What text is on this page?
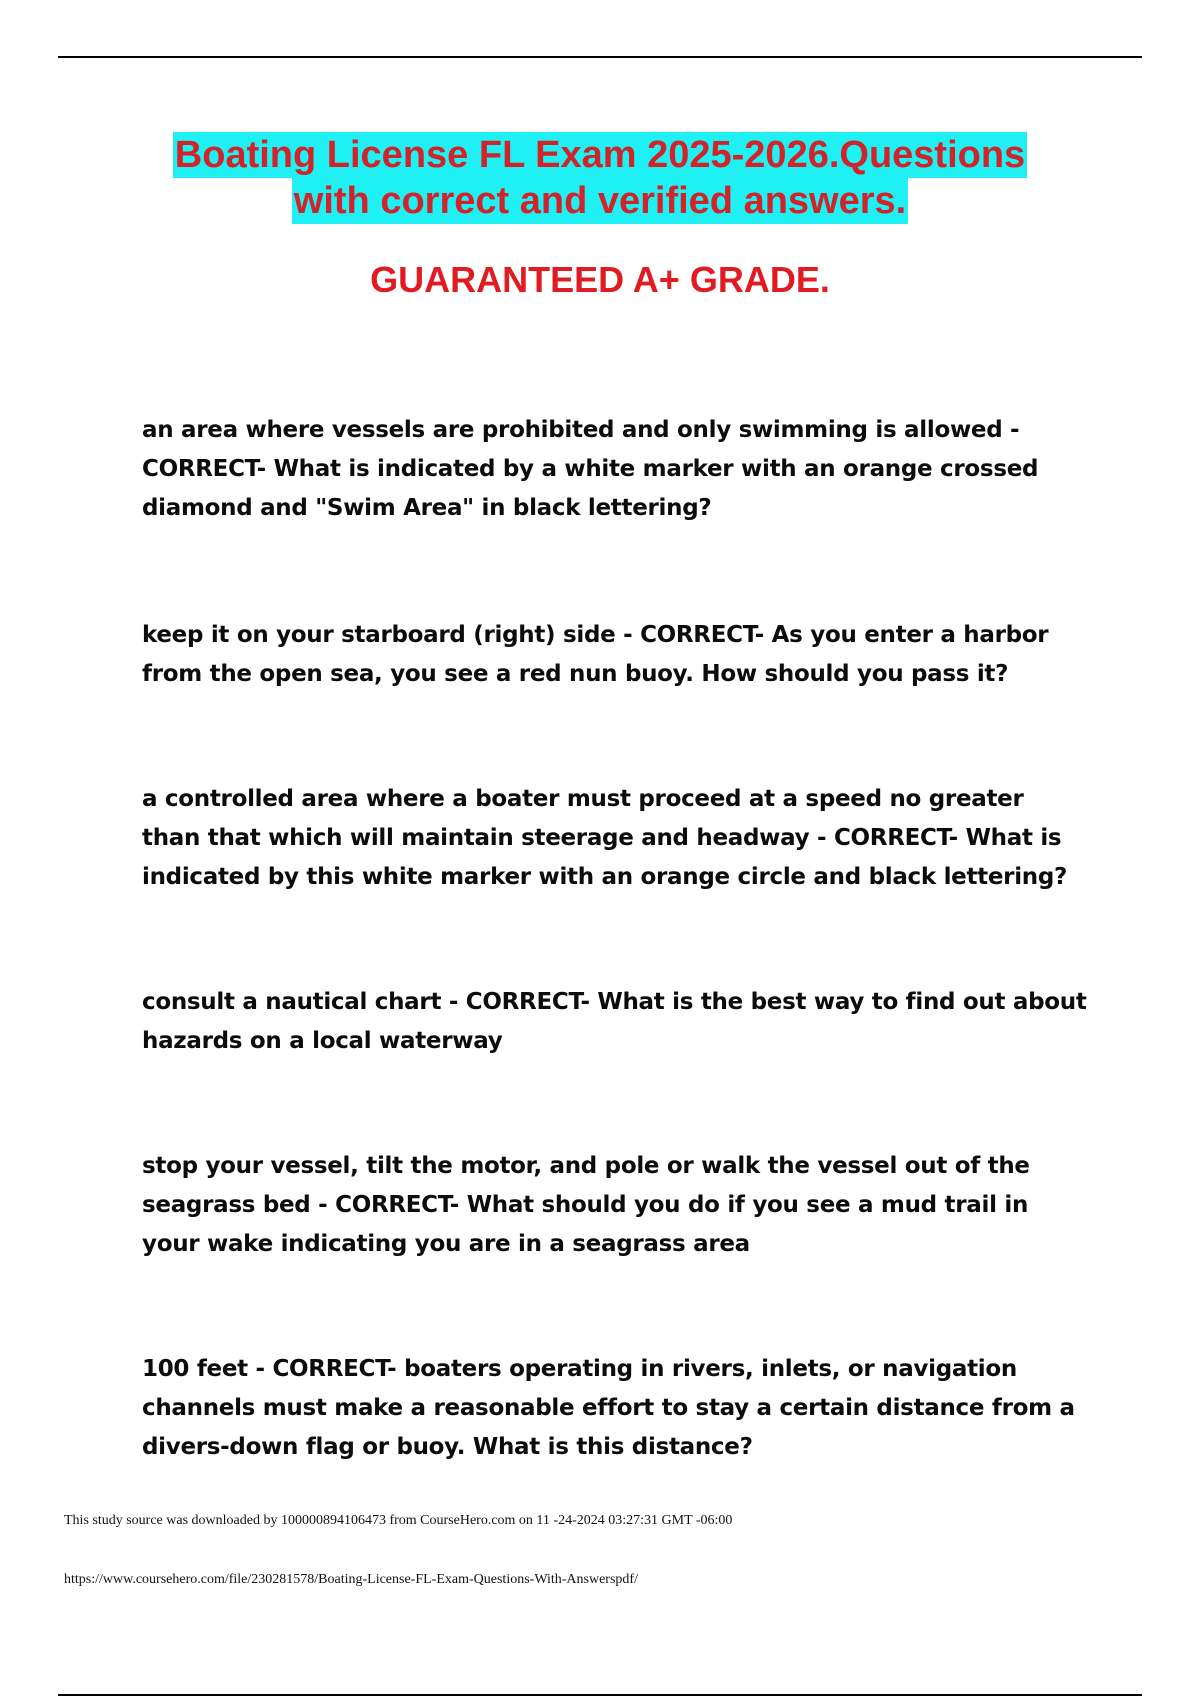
Boating License FL Exam 2025-2026.Questions
with correct and verified answers.

GUARANTEED A+ GRADE.

an area where vessels are prohibited and only swimming is allowed - CORRECT- What is indicated by a white marker with an orange crossed diamond and "Swim Area" in black lettering?

keep it on your starboard (right) side - CORRECT- As you enter a harbor from the open sea, you see a red nun buoy. How should you pass it?

a controlled area where a boater must proceed at a speed no greater than that which will maintain steerage and headway - CORRECT- What is indicated by this white marker with an orange circle and black lettering?

consult a nautical chart - CORRECT- What is the best way to find out about hazards on a local waterway

stop your vessel, tilt the motor, and pole or walk the vessel out of the seagrass bed - CORRECT- What should you do if you see a mud trail in your wake indicating you are in a seagrass area

100 feet - CORRECT- boaters operating in rivers, inlets, or navigation channels must make a reasonable effort to stay a certain distance from a divers-down flag or buoy. What is this distance?

This study source was downloaded by 100000894106473 from CourseHero.com on 11 -24-2024 03:27:31 GMT -06:00

https://www.coursehero.com/file/230281578/Boating-License-FL-Exam-Questions-With-Answerspdf/
